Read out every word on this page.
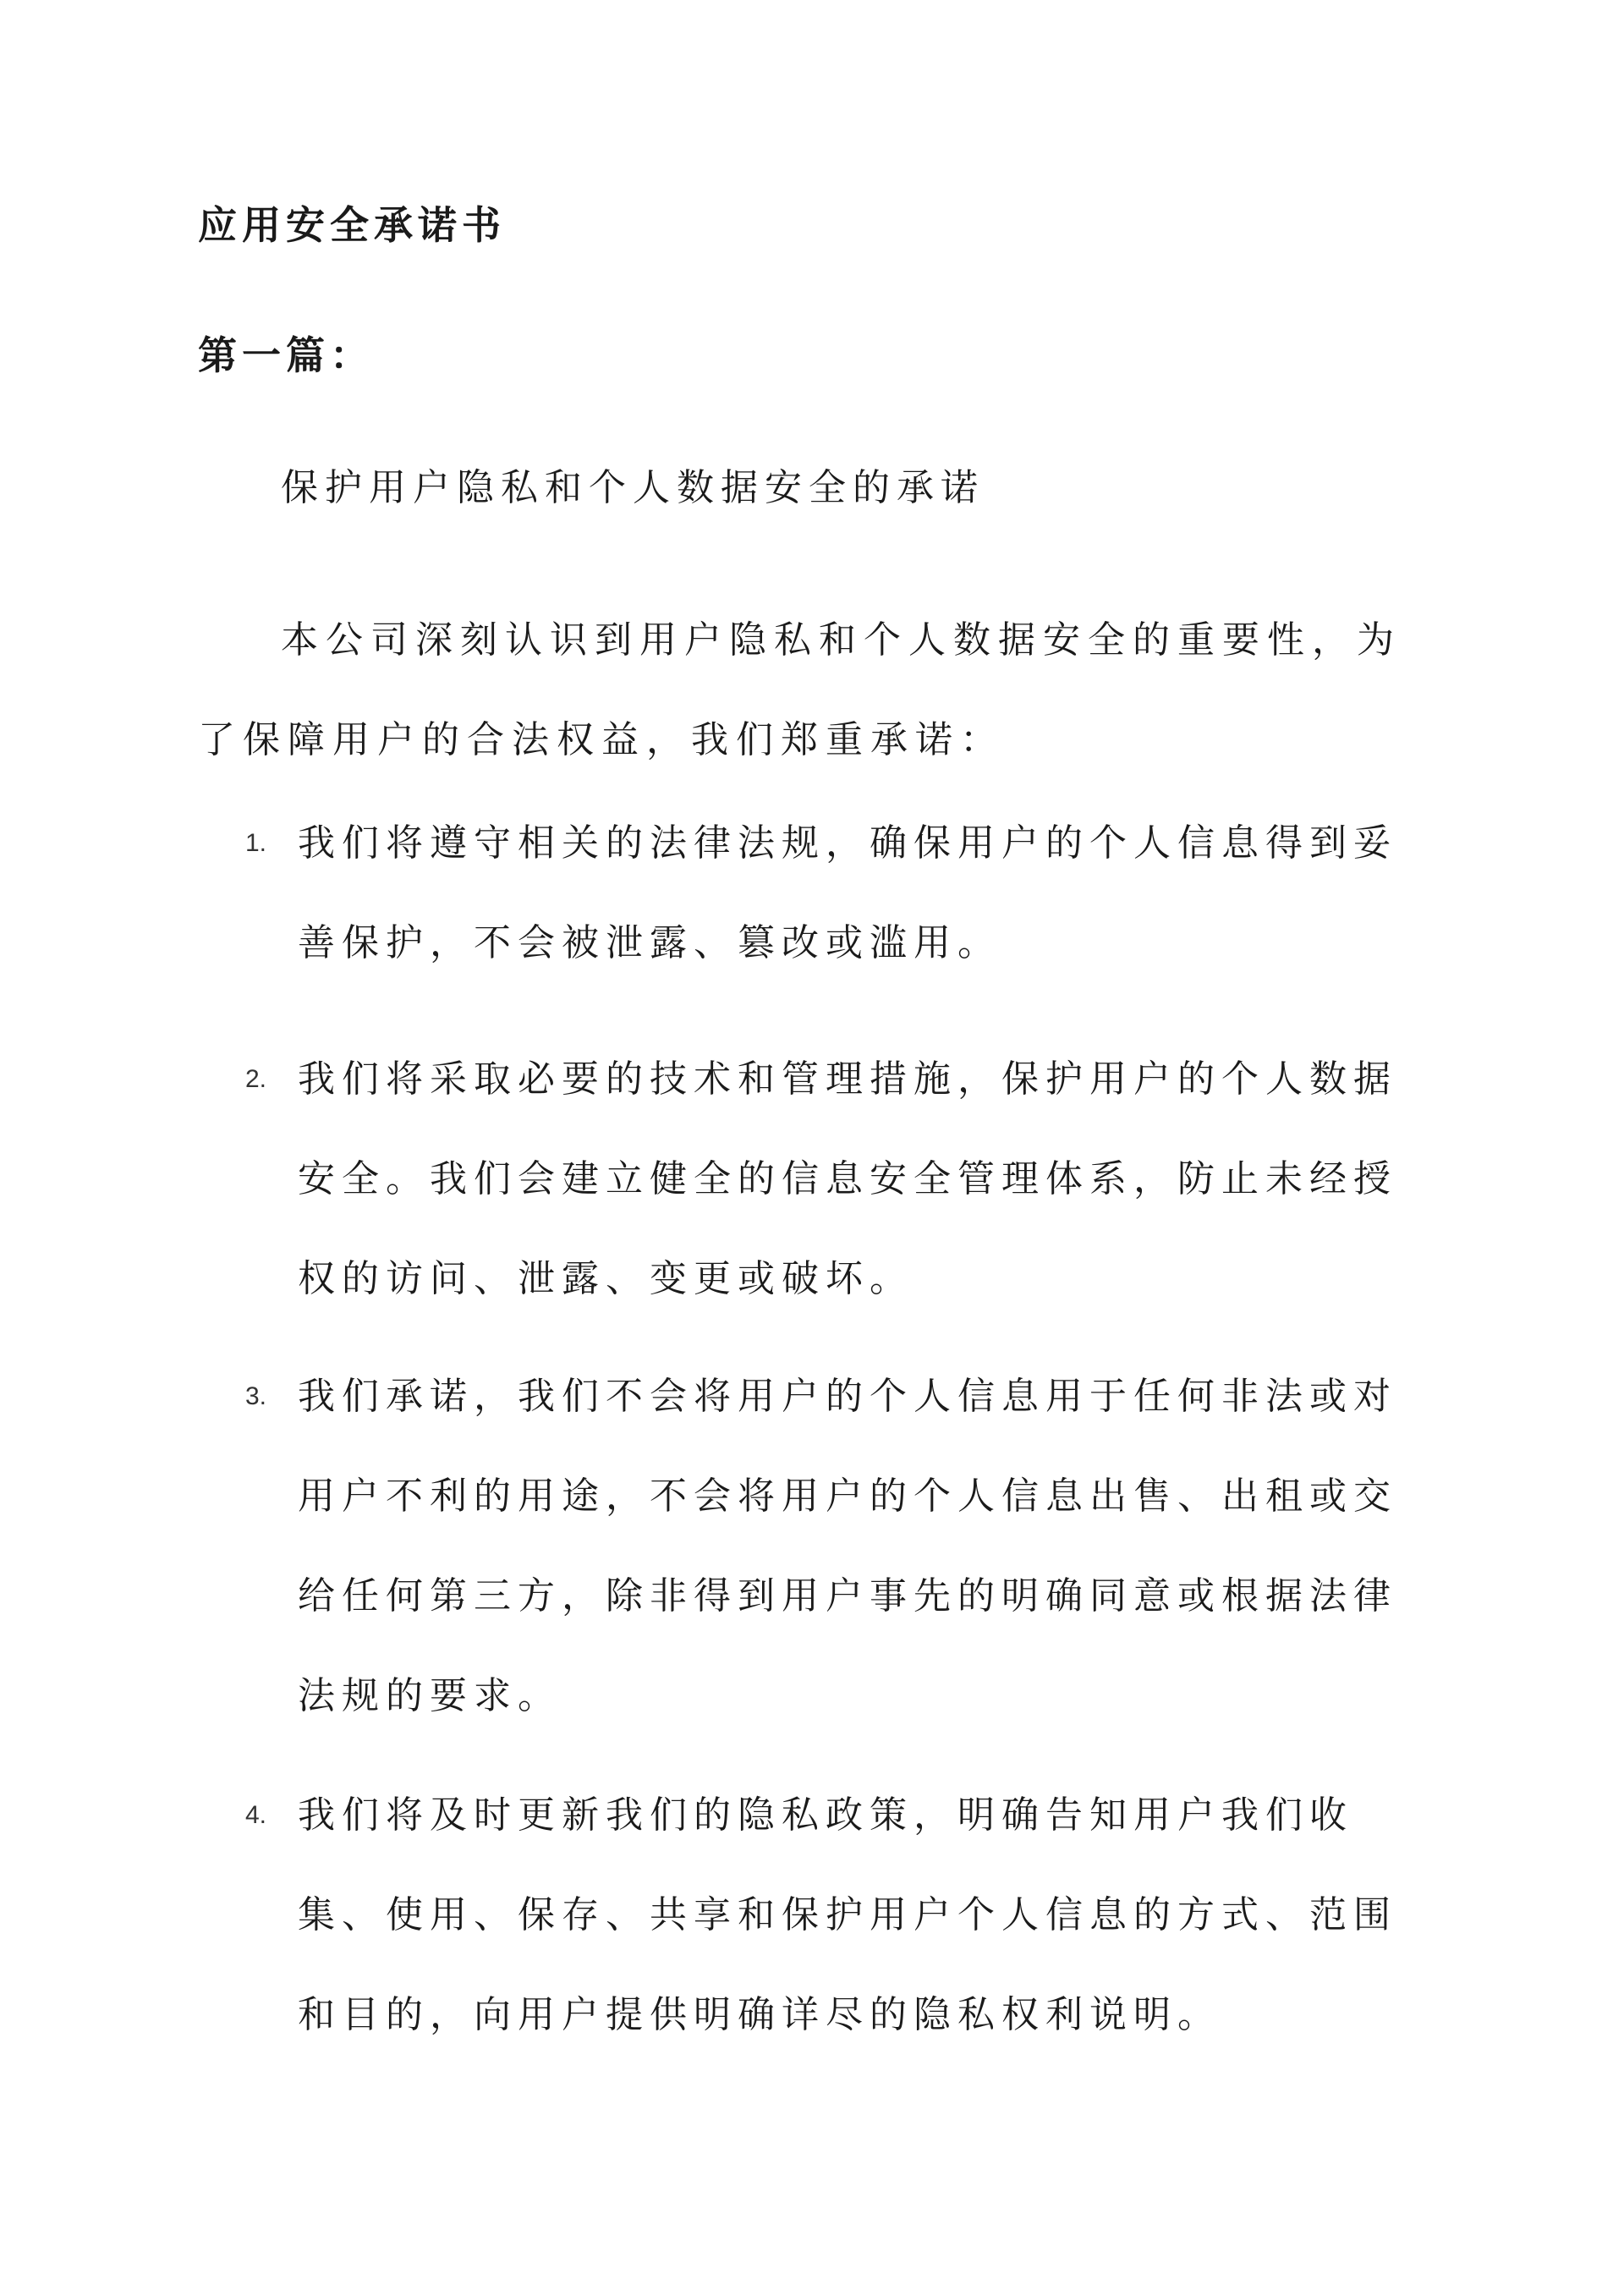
应用安全承诺书
第一篇：
保护用户隐私和个人数据安全的承诺

本公司深刻认识到用户隐私和个人数据安全的重要性，为了保障用户的合法权益，我们郑重承诺：

1. 我们将遵守相关的法律法规，确保用户的个人信息得到妥善保护，不会被泄露、篡改或滥用。

2. 我们将采取必要的技术和管理措施，保护用户的个人数据安全。我们会建立健全的信息安全管理体系，防止未经授权的访问、泄露、变更或破坏。

3. 我们承诺，我们不会将用户的个人信息用于任何非法或对用户不利的用途，不会将用户的个人信息出售、出租或交给任何第三方，除非得到用户事先的明确同意或根据法律法规的要求。

4. 我们将及时更新我们的隐私政策，明确告知用户我们收集、使用、保存、共享和保护用户个人信息的方式、范围和目的，向用户提供明确详尽的隐私权利说明。
